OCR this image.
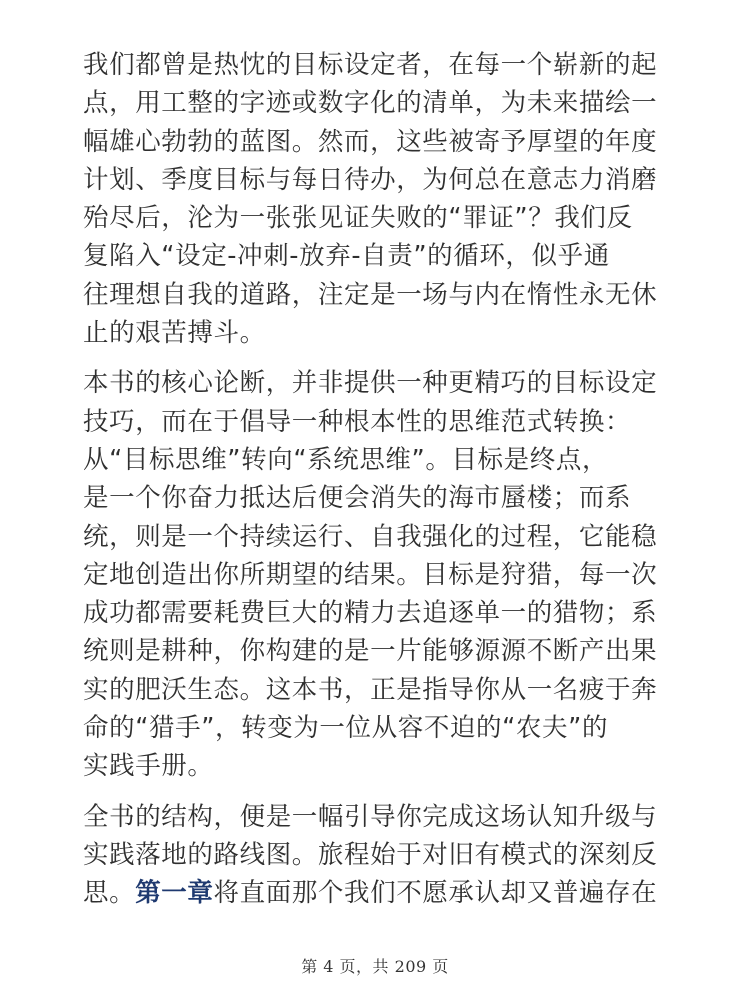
我们都曾是热忱的目标设定者，在每一个崭新的起
点，用工整的字迹或数字化的清单，为未来描绘一
幅雄心勃勃的蓝图。然而，这些被寄予厚望的年度
计划、季度目标与每日待办，为何总在意志力消磨
殆尽后，沦为一张张见证失败的“罪证”？我们反
复陷入“设定-冲刺-放弃-自责”的循环，似乎通
往理想自我的道路，注定是一场与内在惰性永无休
止的艰苦搏斗。

本书的核心论断，并非提供一种更精巧的目标设定
技巧，而在于倡导一种根本性的思维范式转换：
从“目标思维”转向“系统思维”。目标是终点，
是一个你奋力抵达后便会消失的海市蜃楼；而系
统，则是一个持续运行、自我强化的过程，它能稳
定地创造出你所期望的结果。目标是狩猎，每一次
成功都需要耗费巨大的精力去追逐单一的猎物；系
统则是耕种，你构建的是一片能够源源不断产出果
实的肥沃生态。这本书，正是指导你从一名疲于奔
命的“猎手”，转变为一位从容不迫的“农夫”的
实践手册。

全书的结构，便是一幅引导你完成这场认知升级与
实践落地的路线图。旅程始于对旧有模式的深刻反
思。第一章将直面那个我们不愿承认却又普遍存在

第 4 页，共 209 页
